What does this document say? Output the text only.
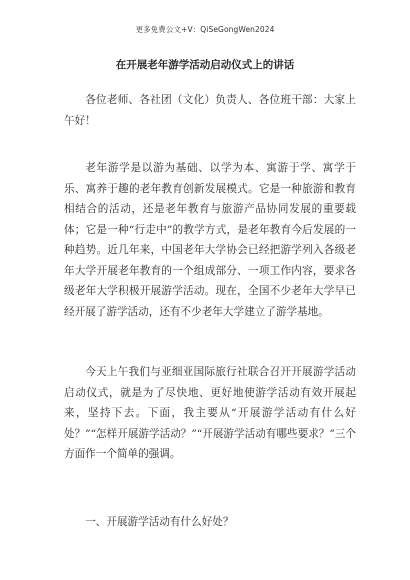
更多免费公文+V：QiSeGongWen2024
在开展老年游学活动启动仪式上的讲话

各位老师、各社团（文化）负责人、各位班干部：大家上午好！

老年游学是以游为基础、以学为本、寓游于学、寓学于乐、寓养于趣的老年教育创新发展模式。它是一种旅游和教育相结合的活动，还是老年教育与旅游产品协同发展的重要载体；它是一种“行走中”的教学方式，是老年教育今后发展的一种趋势。近几年来，中国老年大学协会已经把游学列入各级老年大学开展老年教育的一个组成部分、一项工作内容，要求各级老年大学积极开展游学活动。现在，全国不少老年大学早已经开展了游学活动，还有不少老年大学建立了游学基地。

今天上午我们与亚细亚国际旅行社联合召开开展游学活动启动仪式，就是为了尽快地、更好地使游学活动有效开展起来，坚持下去。下面，我主要从“开展游学活动有什么好处？”“怎样开展游学活动？”“开展游学活动有哪些要求？”三个方面作一个简单的强调。

一、开展游学活动有什么好处？
